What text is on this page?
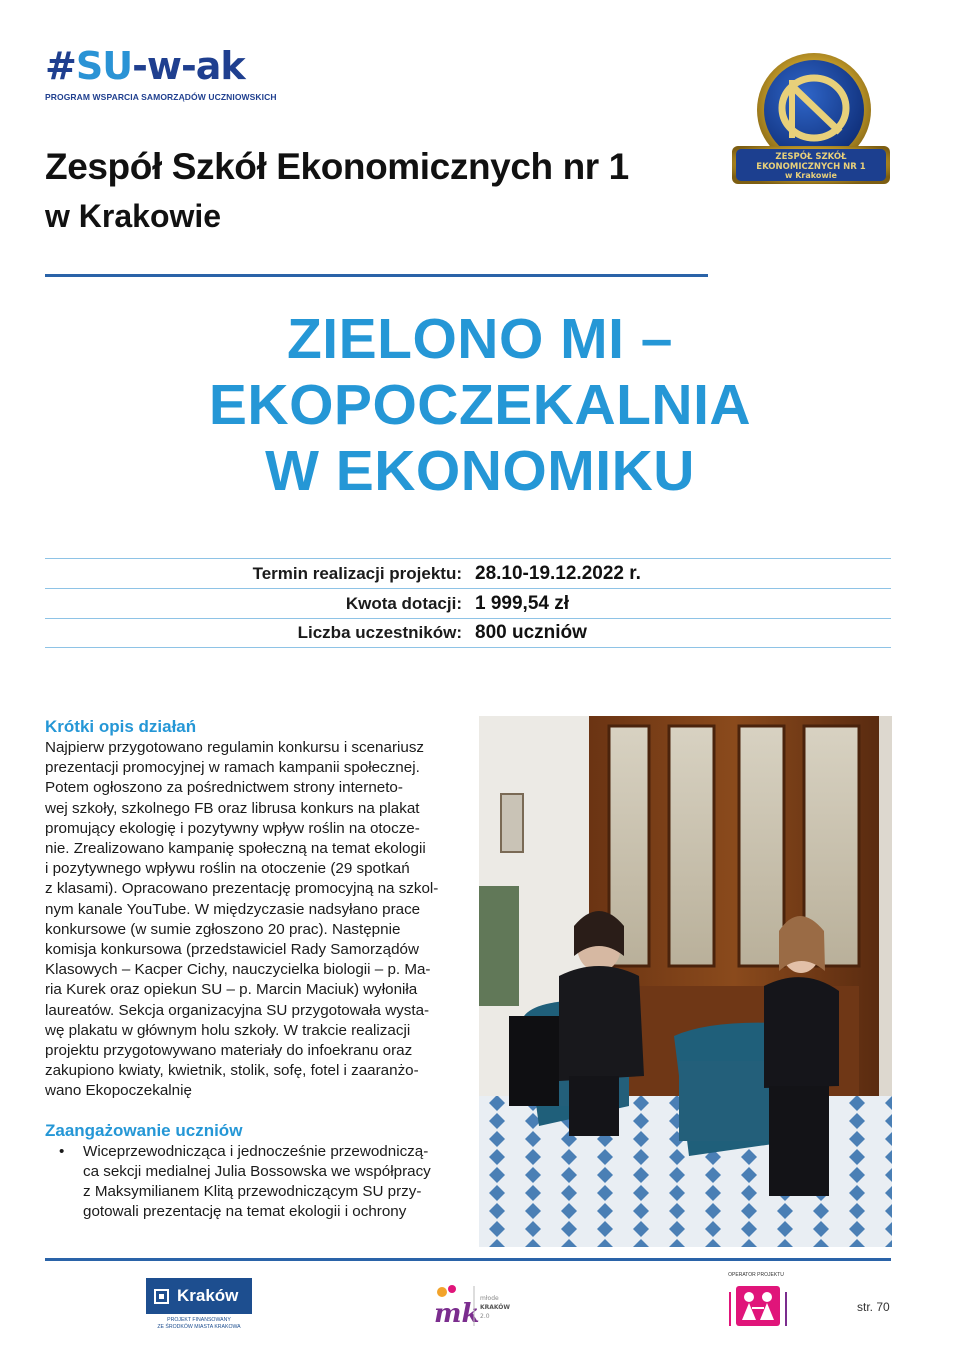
#SU-w-ak
PROGRAM WSPARCIA SAMORZĄDÓW UCZNIOWSKICH
ZESPÓŁ SZKÓŁ
EKONOMICZNYCH NR 1
w Krakowie
Zespół Szkół Ekonomicznych nr 1
w Krakowie
ZIELONO MI –
EKOPOCZEKALNIA
W EKONOMIKU
Termin realizacji projektu: 28.10-19.12.2022 r.
Kwota dotacji: 1 999,54 zł
Liczba uczestników: 800 uczniów
Krótki opis działań
Najpierw przygotowano regulamin konkursu i scenariusz
prezentacji promocyjnej w ramach kampanii społecznej.
Potem ogłoszono za pośrednictwem strony interneto-
wej szkoły, szkolnego FB oraz librusa konkurs na plakat
promujący ekologię i pozytywny wpływ roślin na otocze-
nie. Zrealizowano kampanię społeczną na temat ekologii
i pozytywnego wpływu roślin na otoczenie (29 spotkań
z klasami). Opracowano prezentację promocyjną na szkol-
nym kanale YouTube. W międzyczasie nadsyłano prace
konkursowe (w sumie zgłoszono 20 prac). Następnie
komisja konkursowa (przedstawiciel Rady Samorządów
Klasowych – Kacper Cichy, nauczycielka biologii – p. Ma-
ria Kurek oraz opiekun SU – p. Marcin Maciuk) wyłoniła
laureatów. Sekcja organizacyjna SU przygotowała wysta-
wę plakatu w głównym holu szkoły. W trakcie realizacji
projektu przygotowywano materiały do infoekranu oraz
zakupiono kwiaty, kwietnik, stolik, sofę, fotel i zaaranżo-
wano Ekopoczekalnię
Zaangażowanie uczniów
•	Wiceprzewodnicząca i jednocześnie przewodniczą-
ca sekcji medialnej Julia Bossowska we współpracy
z Maksymilianem Klitą przewodniczącym SU przy-
gotowali prezentację na temat ekologii i ochrony
Kraków
PROJEKT FINANSOWANY
ZE ŚRODKÓW MIASTA KRAKOWA	mk
młode
KRAKÓW
2.0
OPERATOR PROJEKTU
str. 70
